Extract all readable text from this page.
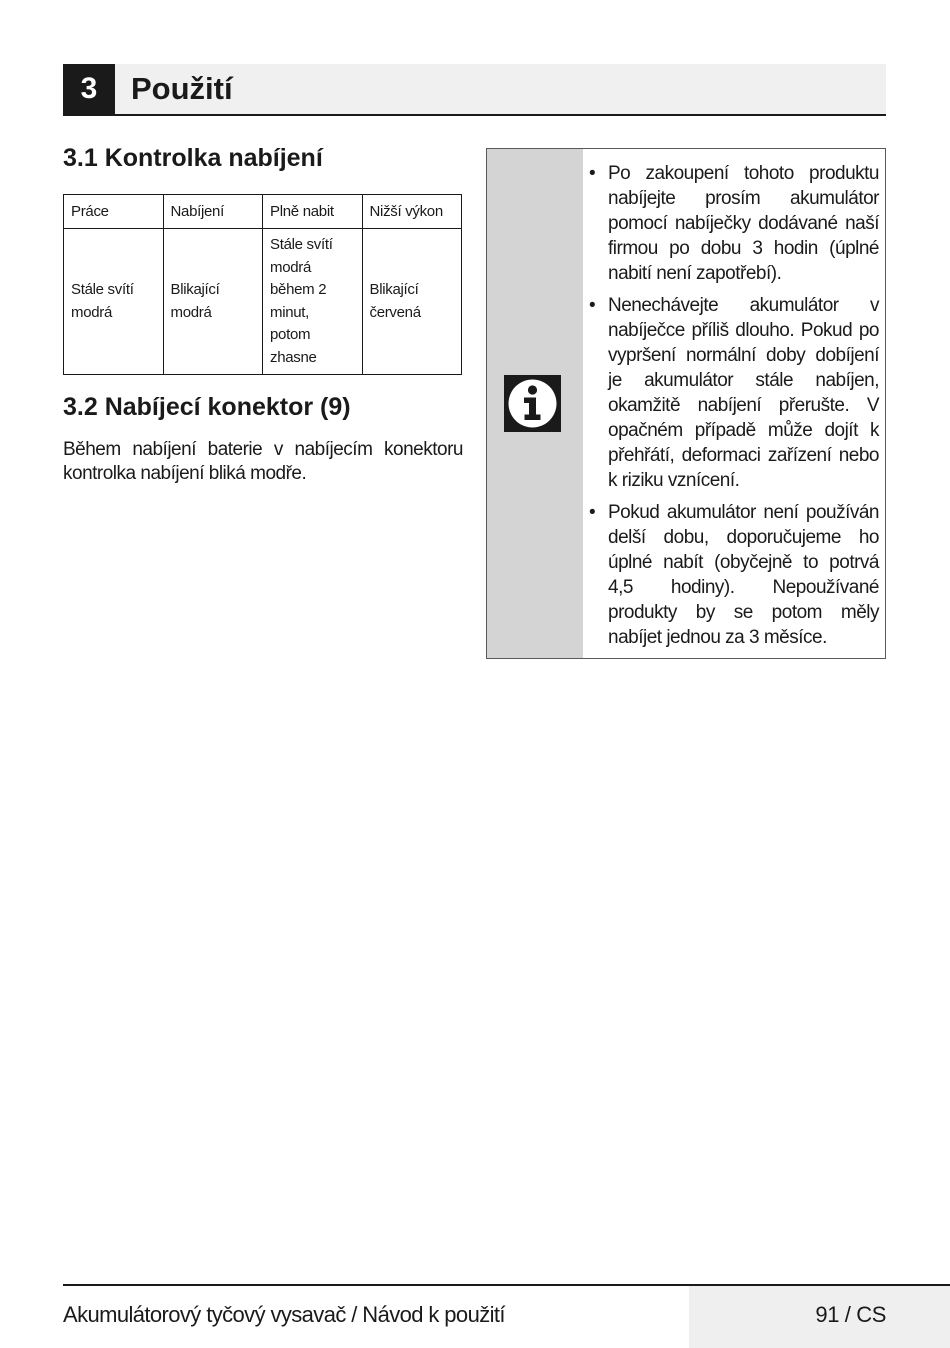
3	Použití
3.1 Kontrolka nabíjení
Práce	Nabíjení	Plně nabit	Nižší výkon

Stále svítí modrá	Blikající modrá	Stále svítí modrá během 2 minut, potom zhasne	Blikající červená
3.2 Nabíjecí konektor (9)

Během nabíjení baterie v nabíjecím konektoru kontrolka nabíjení bliká modře.

• Po zakoupení tohoto produktu nabíjejte prosím akumulátor pomocí nabíječky dodávané naší firmou po dobu 3 hodin (úplné nabití není zapotřebí).
• Nenechávejte akumulátor v nabíječce příliš dlouho. Pokud po vypršení normální doby dobíjení je akumulátor stále nabíjen, okamžitě nabíjení přerušte. V opačném případě může dojít k přehřátí, deformaci zařízení nebo k riziku vznícení.
• Pokud akumulátor není používán delší dobu, doporučujeme ho úplné nabít (obyčejně to potrvá 4,5 hodiny). Nepoužívané produkty by se potom měly nabíjet jednou za 3 měsíce.
Akumulátorový tyčový vysavač / Návod k použití	91 / CS
